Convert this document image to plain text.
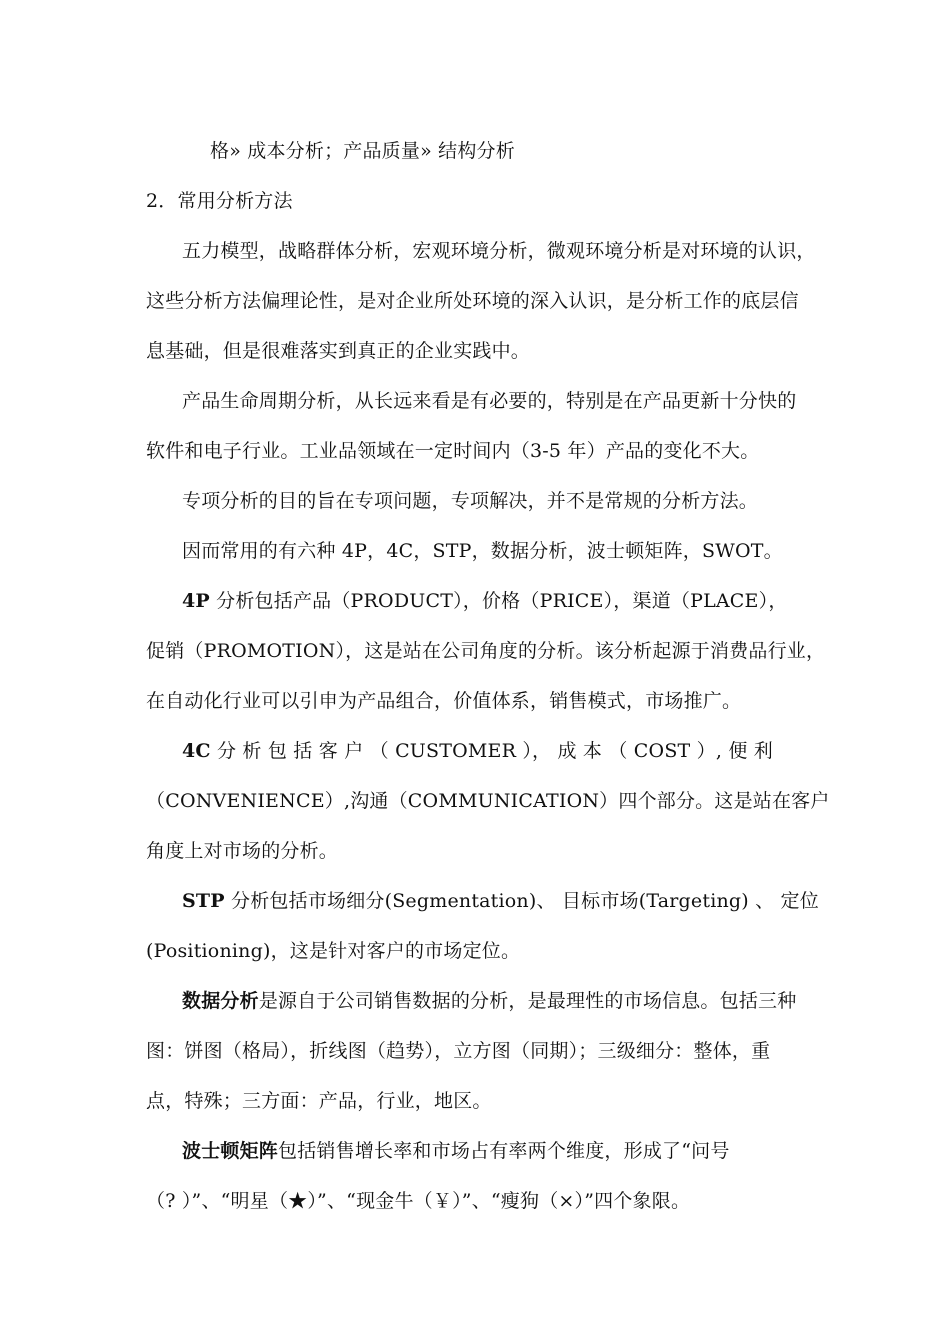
格» 成本分析；产品质量» 结构分析
2．常用分析方法
五力模型，战略群体分析，宏观环境分析，微观环境分析是对环境的认识，
这些分析方法偏理论性，是对企业所处环境的深入认识，是分析工作的底层信
息基础，但是很难落实到真正的企业实践中。
产品生命周期分析，从长远来看是有必要的，特别是在产品更新十分快的
软件和电子行业。工业品领域在一定时间内（3-5 年）产品的变化不大。
专项分析的目的旨在专项问题，专项解决，并不是常规的分析方法。
因而常用的有六种 4P，4C，STP，数据分析，波士顿矩阵，SWOT。
4P 分析包括产品（PRODUCT），价格（PRICE），渠道（PLACE），
促销（PROMOTION），这是站在公司角度的分析。该分析起源于消费品行业，
在自动化行业可以引申为产品组合，价值体系，销售模式，市场推广。
4C 分 析 包 括 客 户 （ CUSTOMER ）， 成 本 （ COST ）, 便 利
（CONVENIENCE）,沟通（COMMUNICATION）四个部分。这是站在客户
角度上对市场的分析。
STP 分析包括市场细分(Segmentation)、 目标市场(Targeting) 、 定位
(Positioning)，这是针对客户的市场定位。
数据分析是源自于公司销售数据的分析，是最理性的市场信息。包括三种
图：饼图（格局），折线图（趋势），立方图（同期）；三级细分：整体，重
点，特殊；三方面：产品，行业，地区。
波士顿矩阵包括销售增长率和市场占有率两个维度，形成了“问号
（? ）”、“明星（★）”、“现金牛（￥）”、“瘦狗（×）”四个象限。
